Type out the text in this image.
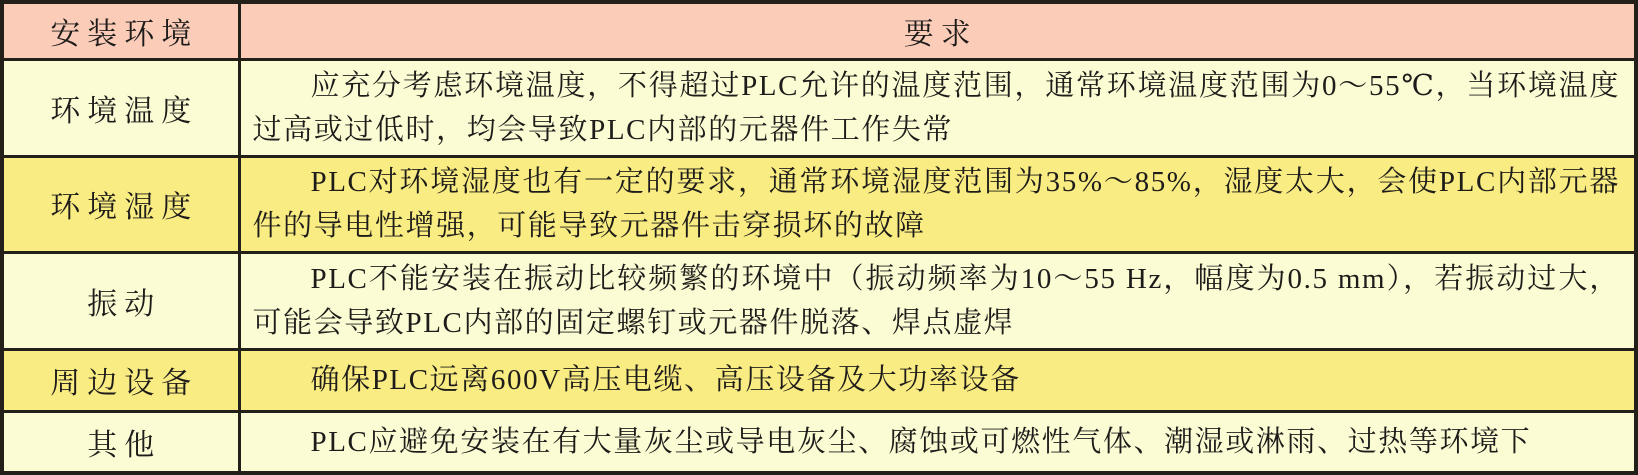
安装环境	要求
环境温度	应充分考虑环境温度，不得超过PLC允许的温度范围，通常环境温度范围为0～55℃，当环境温度过高或过低时，均会导致PLC内部的元器件工作失常

环境湿度	PLC对环境湿度也有一定的要求，通常环境湿度范围为35%～85%，湿度太大，会使PLC内部元器件的导电性增强，可能导致元器件击穿损坏的故障

振动	PLC不能安装在振动比较频繁的环境中（振动频率为10～55 Hz，幅度为0.5 mm），若振动过大，可能会导致PLC内部的固定螺钉或元器件脱落、焊点虚焊

周边设备	确保PLC远离600V高压电缆、高压设备及大功率设备

其他	PLC应避免安装在有大量灰尘或导电灰尘、腐蚀或可燃性气体、潮湿或淋雨、过热等环境下
